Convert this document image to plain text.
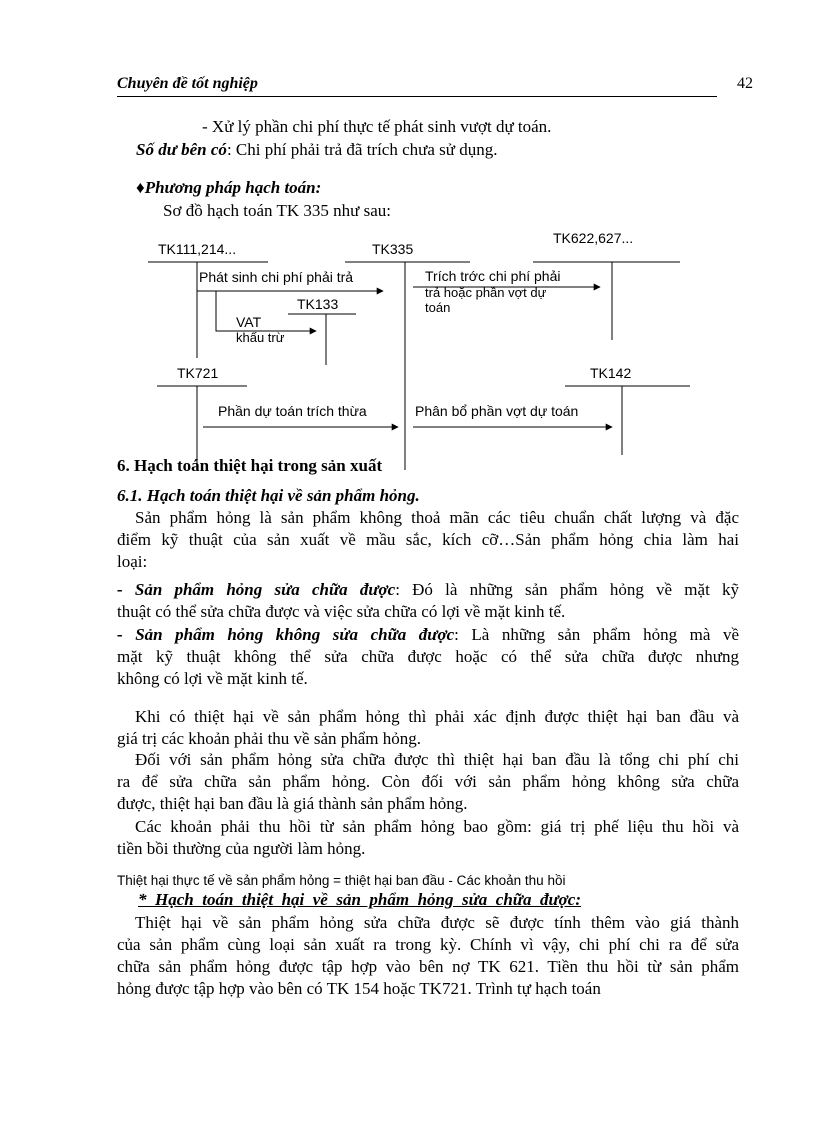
Chuyên đề tốt nghiệp	42
- Xử lý phần chi phí thực tế phát sinh vượt dự toán.
Số dư bên có: Chi phí phải trả đã trích chưa sử dụng.
♦Phương pháp hạch toán:
Sơ đồ hạch toán TK 335 như sau:
TK111,214...	TK335
TK622,627...
TK133
TK721	TK142
Phát sinh chi phí phải trả	Trích trớc chi phí phải
trả hoặc phần vợt dự
toán
VAT
khấu trừ
Phần dự toán trích thừa	Phân bổ phần vợt dự toán
6. Hạch toán thiệt hại trong sản xuất
6.1. Hạch toán thiệt hại về sản phẩm hỏng.
Sản phẩm hỏng là sản phẩm không thoả mãn các tiêu chuẩn chất lượng và đặc
điểm kỹ thuật của sản xuất về mầu sắc, kích cỡ…Sản phẩm hỏng chia làm hai
loại:
- Sản phẩm hỏng sửa chữa được: Đó là những sản phẩm hỏng về mặt kỹ
thuật có thể sửa chữa được và việc sửa chữa có lợi về mặt kinh tế.
- Sản phẩm hỏng không sửa chữa được: Là những sản phẩm hỏng mà về
mặt kỹ thuật không thể sửa chữa được hoặc có thể sửa chữa được nhưng
không có lợi về mặt kinh tế.
Khi có thiệt hại về sản phẩm hỏng thì phải xác định được thiệt hại ban đầu và
giá trị các khoản phải thu về sản phẩm hỏng.
Đối với sản phẩm hỏng sửa chữa được thì thiệt hại ban đầu là tổng chi phí chi
ra để sửa chữa sản phẩm hỏng. Còn đối với sản phẩm hỏng không sửa chữa
được, thiệt hại ban đầu là giá thành sản phẩm hỏng.
Các khoản phải thu hồi từ sản phẩm hỏng bao gồm: giá trị phế liệu thu hồi và
tiền bồi thường của người làm hỏng.
Thiệt hại thực tế về sản phẩm hỏng = thiệt hại ban đầu - Các khoản thu hồi
*  Hạch  toán  thiệt  hại  về  sản  phẩm  hỏng  sửa  chữa  được:
Thiệt hại về sản phẩm hỏng sửa chữa được sẽ được tính thêm vào giá thành
của sản phẩm cùng loại sản xuất ra trong kỳ. Chính vì vậy, chi phí chi ra để sửa
chữa sản phẩm hỏng được tập hợp vào bên nợ TK 621. Tiền thu hồi từ sản phẩm
hỏng được tập hợp vào bên có TK 154 hoặc TK721. Trình tự hạch toán
